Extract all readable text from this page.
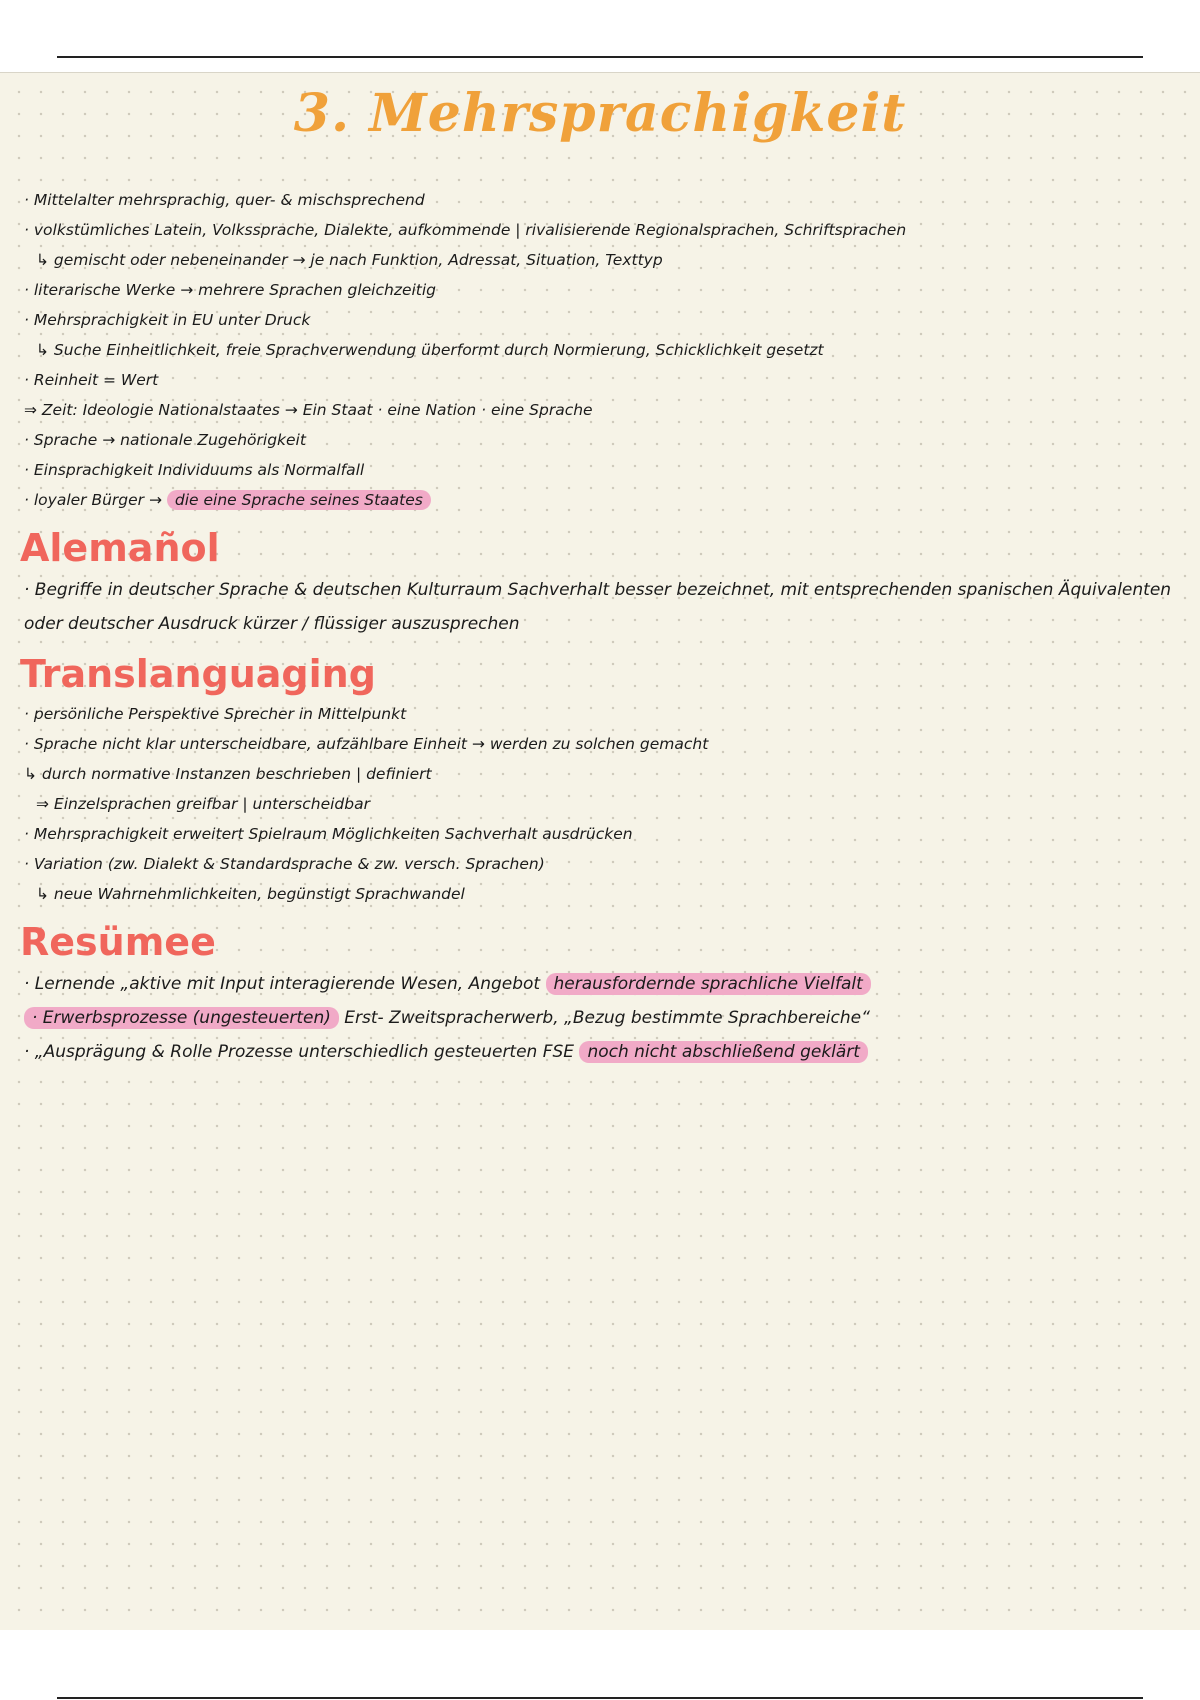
3. Mehrsprachigkeit
· Mittelalter mehrsprachig, quer- & mischsprechend
· volkstümliches Latein, Volkssprache, Dialekte, aufkommende | rivalisierende Regionalsprachen, Schriftsprachen
↳ gemischt oder nebeneinander → je nach Funktion, Adressat, Situation, Texttyp
· literarische Werke → mehrere Sprachen gleichzeitig
· Mehrsprachigkeit in EU unter Druck
↳ Suche Einheitlichkeit, freie Sprachverwendung überformt durch Normierung, Schicklichkeit gesetzt
· Reinheit = Wert
⇒ Zeit: Ideologie Nationalstaates → Ein Staat · eine Nation · eine Sprache
· Sprache → nationale Zugehörigkeit
· Einsprachigkeit Individuums als Normalfall
· loyaler Bürger → die eine Sprache seines Staates
Alemañol
· Begriffe in deutscher Sprache & deutschen Kulturraum Sachverhalt besser bezeichnet, mit entsprechenden spanischen Äquivalenten
oder deutscher Ausdruck kürzer / flüssiger auszusprechen
Translanguaging
· persönliche Perspektive Sprecher in Mittelpunkt
· Sprache nicht klar unterscheidbare, aufzählbare Einheit → werden zu solchen gemacht
↳ durch normative Instanzen beschrieben | definiert
⇒ Einzelsprachen greifbar | unterscheidbar
· Mehrsprachigkeit erweitert Spielraum Möglichkeiten Sachverhalt ausdrücken
· Variation (zw. Dialekt & Standardsprache & zw. versch. Sprachen)
↳ neue Wahrnehmlichkeiten, begünstigt Sprachwandel
Resümee
· Lernende „aktive mit Input interagierende Wesen, Angebot herausfordernde sprachliche Vielfalt
· Erwerbsprozesse (ungesteuerten) Erst- Zweitspracherwerb, „Bezug bestimmte Sprachbereiche“
· „Ausprägung & Rolle Prozesse unterschiedlich gesteuerten FSE noch nicht abschließend geklärt
